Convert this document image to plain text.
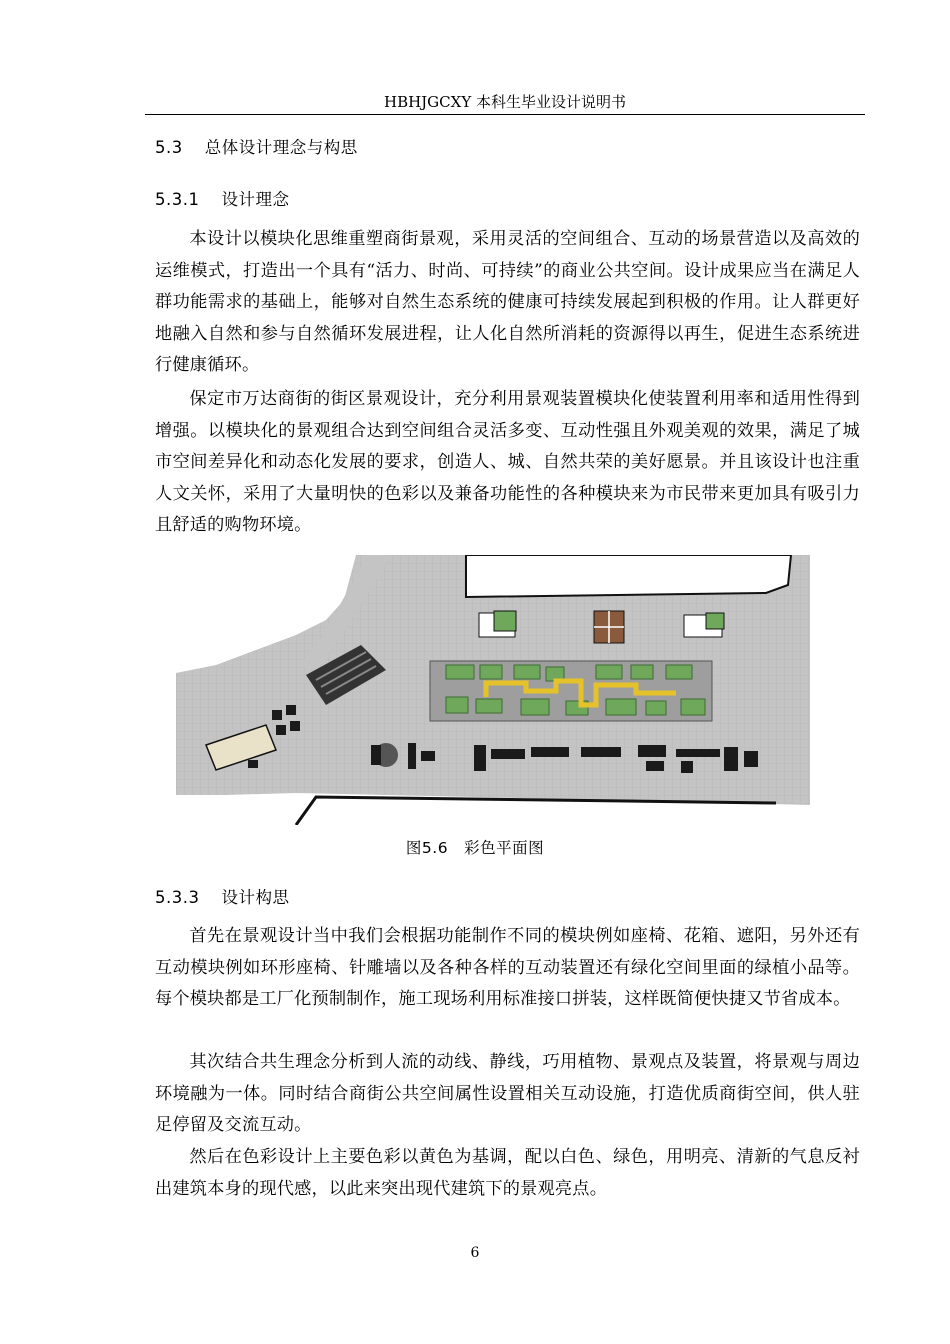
HBHJGCXY 本科生毕业设计说明书
5.3 总体设计理念与构思
5.3.1 设计理念
本设计以模块化思维重塑商街景观，采用灵活的空间组合、互动的场景营造以及高效的运维模式，打造出一个具有“活力、时尚、可持续”的商业公共空间。设计成果应当在满足人群功能需求的基础上，能够对自然生态系统的健康可持续发展起到积极的作用。让人群更好地融入自然和参与自然循环发展进程，让人化自然所消耗的资源得以再生，促进生态系统进行健康循环。
保定市万达商街的街区景观设计，充分利用景观装置模块化使装置利用率和适用性得到增强。以模块化的景观组合达到空间组合灵活多变、互动性强且外观美观的效果，满足了城市空间差异化和动态化发展的要求，创造人、城、自然共荣的美好愿景。并且该设计也注重人文关怀，采用了大量明快的色彩以及兼备功能性的各种模块来为市民带来更加具有吸引力且舒适的购物环境。
图5.6 彩色平面图
5.3.3 设计构思
首先在景观设计当中我们会根据功能制作不同的模块例如座椅、花箱、遮阳，另外还有互动模块例如环形座椅、针雕墙以及各种各样的互动装置还有绿化空间里面的绿植小品等。每个模块都是工厂化预制制作，施工现场利用标准接口拼装，这样既简便快捷又节省成本。
其次结合共生理念分析到人流的动线、静线，巧用植物、景观点及装置，将景观与周边环境融为一体。同时结合商街公共空间属性设置相关互动设施，打造优质商街空间，供人驻足停留及交流互动。
然后在色彩设计上主要色彩以黄色为基调，配以白色、绿色，用明亮、清新的气息反衬出建筑本身的现代感，以此来突出现代建筑下的景观亮点。
6
